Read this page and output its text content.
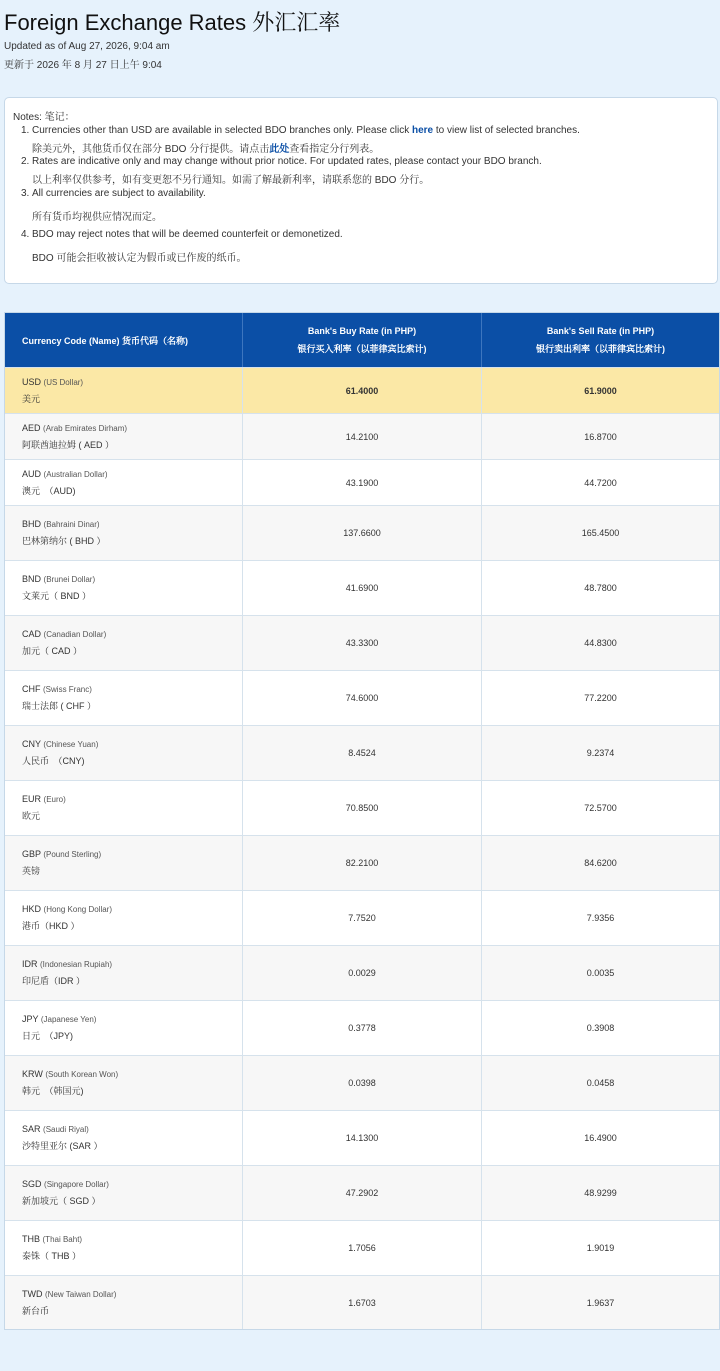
Foreign Exchange Rates 外汇汇率
Updated as of Aug 27, 2026, 9:04 am
更新于 2026 年 8 月 27 日上午 9:04
Notes: 笔记：
1. Currencies other than USD are available in selected BDO branches only. Please click here to view list of selected branches.
除美元外，其他货币仅在部分 BDO 分行提供。请点击此处查看指定分行列表。
2. Rates are indicative only and may change without prior notice. For updated rates, please contact your BDO branch.
以上利率仅供参考，如有变更恕不另行通知。如需了解最新利率，请联系您的 BDO 分行。
3. All currencies are subject to availability.
所有货币均视供应情况而定。
4. BDO may reject notes that will be deemed counterfeit or demonetized.
BDO 可能会拒收被认定为假币或已作废的纸币。
Currency Code (Name) 货币代码（名称)
Bank's Buy Rate (in PHP)
银行买入利率（以菲律宾比索计)
Bank's Sell Rate (in PHP)
银行卖出利率（以菲律宾比索计)
USD (US Dollar)
美元
61.4000	61.9000
AED (Arab Emirates Dirham)
阿联酋迪拉姆 ( AED ）
14.2100	16.8700
AUD (Australian Dollar)
澳元　（AUD)
43.1900	44.7200
BHD (Bahraini Dinar)
巴林第纳尔 ( BHD ）
137.6600	165.4500
BND (Brunei Dollar)
文莱元（ BND ）
41.6900	48.7800
CAD (Canadian Dollar)
加元（ CAD ）
43.3300	44.8300
CHF (Swiss Franc)
瑞士法郎 ( CHF ）
74.6000	77.2200
CNY (Chinese Yuan)
人民币　（CNY)
8.4524	9.2374
EUR (Euro)
欧元
70.8500	72.5700
GBP (Pound Sterling)
英镑
82.2100	84.6200
HKD (Hong Kong Dollar)
港币（HKD ）
7.7520	7.9356
IDR (Indonesian Rupiah)
印尼盾（IDR ）
0.0029	0.0035
JPY (Japanese Yen)
日元　（JPY)
0.3778	0.3908
KRW (South Korean Won)
韩元　（韩国元)
0.0398	0.0458
SAR (Saudi Riyal)
沙特里亚尔 (SAR ）
14.1300	16.4900
SGD (Singapore Dollar)
新加坡元（ SGD ）
47.2902	48.9299
THB (Thai Baht)
泰铢（ THB ）
1.7056	1.9019
TWD (New Taiwan Dollar)
新台币
1.6703	1.9637
